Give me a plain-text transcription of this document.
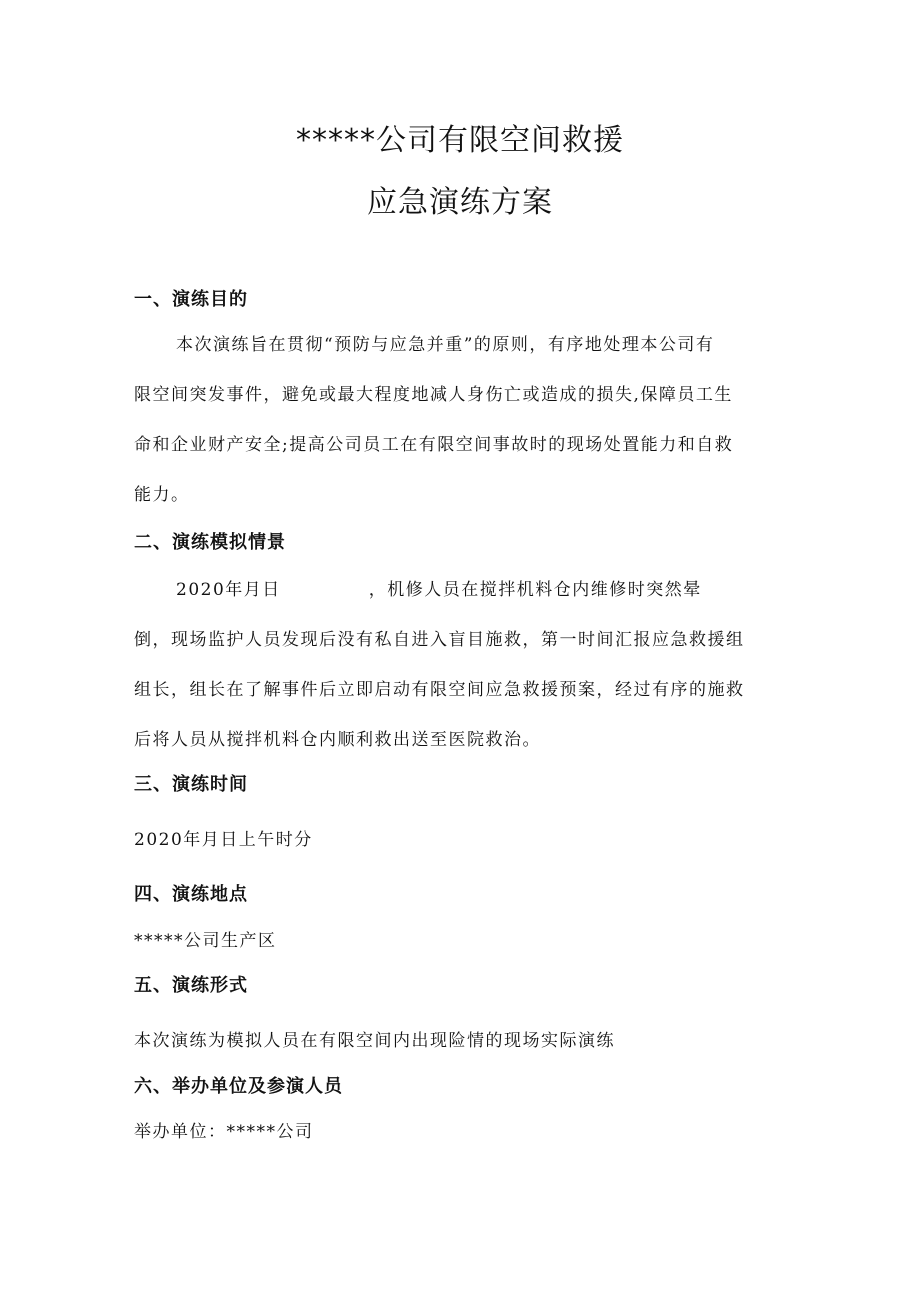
*****公司有限空间救援
应急演练方案
一、演练目的
本次演练旨在贯彻“预防与应急并重”的原则，有序地处理本公司有
限空间突发事件，避免或最大程度地减人身伤亡或造成的损失,保障员工生
命和企业财产安全;提高公司员工在有限空间事故时的现场处置能力和自救
能力。
二、演练模拟情景
2020年月日	，机修人员在搅拌机料仓内维修时突然晕
倒，现场监护人员发现后没有私自进入盲目施救，第一时间汇报应急救援组
组长，组长在了解事件后立即启动有限空间应急救援预案，经过有序的施救
后将人员从搅拌机料仓内顺利救出送至医院救治。
三、演练时间
2020年月日上午时分
四、演练地点
*****公司生产区
五、演练形式
本次演练为模拟人员在有限空间内出现险情的现场实际演练
六、举办单位及参演人员
举办单位：*****公司
